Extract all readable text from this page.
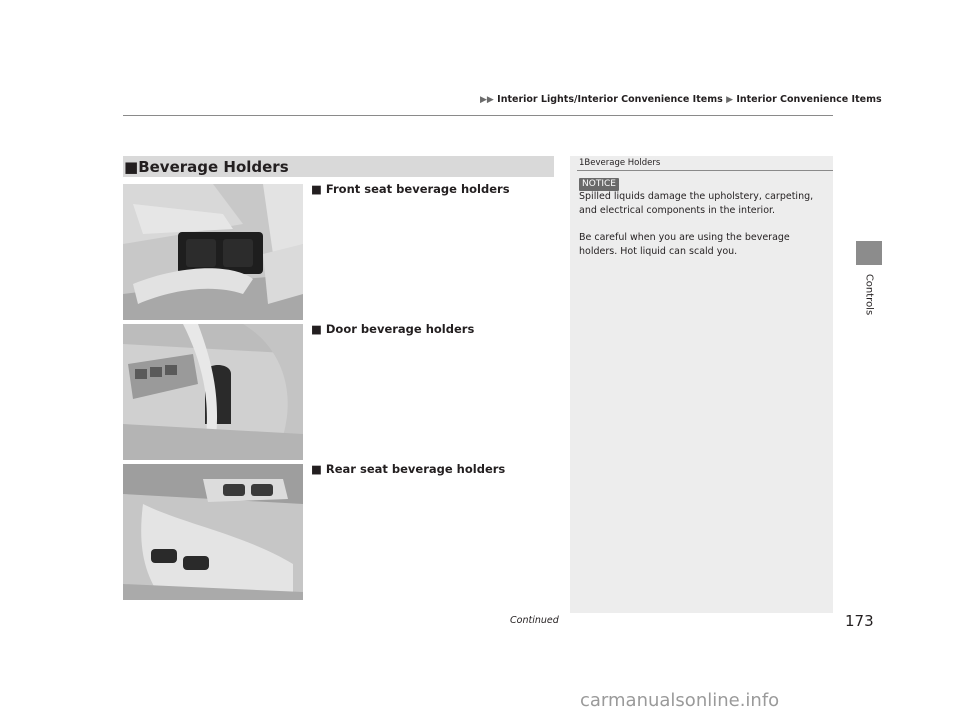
▶▶ Interior Lights/Interior Convenience Items ▶ Interior Convenience Items
Controls
■Beverage Holders
■ Front seat beverage holders
■ Door beverage holders
■ Rear seat beverage holders
1Beverage Holders
NOTICE
Spilled liquids damage the upholstery, carpeting, and electrical components in the interior.
Be careful when you are using the beverage holders. Hot liquid can scald you.
Continued	173
carmanualsonline.info
